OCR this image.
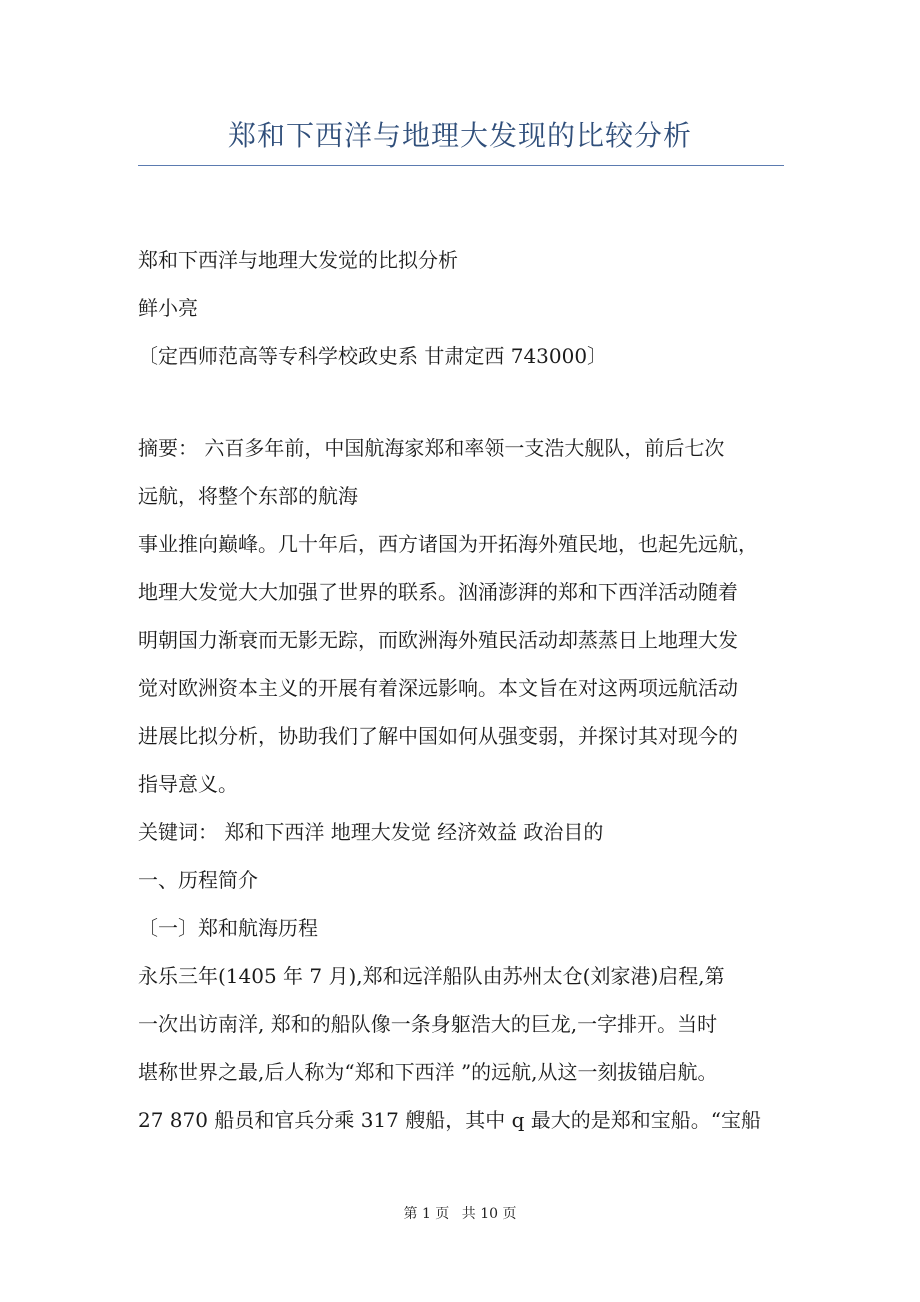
郑和下西洋与地理大发现的比较分析
郑和下西洋与地理大发觉的比拟分析
鲜小亮
〔定西师范高等专科学校政史系 甘肃定西 743000〕
摘要： 六百多年前，中国航海家郑和率领一支浩大舰队，前后七次
远航，将整个东部的航海
事业推向巅峰。几十年后，西方诸国为开拓海外殖民地，也起先远航，
地理大发觉大大加强了世界的联系。汹涌澎湃的郑和下西洋活动随着
明朝国力渐衰而无影无踪，而欧洲海外殖民活动却蒸蒸日上地理大发
觉对欧洲资本主义的开展有着深远影响。本文旨在对这两项远航活动
进展比拟分析，协助我们了解中国如何从强变弱，并探讨其对现今的
指导意义。
关键词： 郑和下西洋 地理大发觉 经济效益 政治目的
一、历程简介
〔一〕郑和航海历程
永乐三年(1405 年 7 月),郑和远洋船队由苏州太仓(刘家港)启程,第
一次出访南洋, 郑和的船队像一条身躯浩大的巨龙,一字排开。当时
堪称世界之最,后人称为“郑和下西洋 ”的远航,从这一刻拔锚启航。
27 870 船员和官兵分乘 317 艘船，其中 q 最大的是郑和宝船。“宝船
第 1 页 共 10 页
